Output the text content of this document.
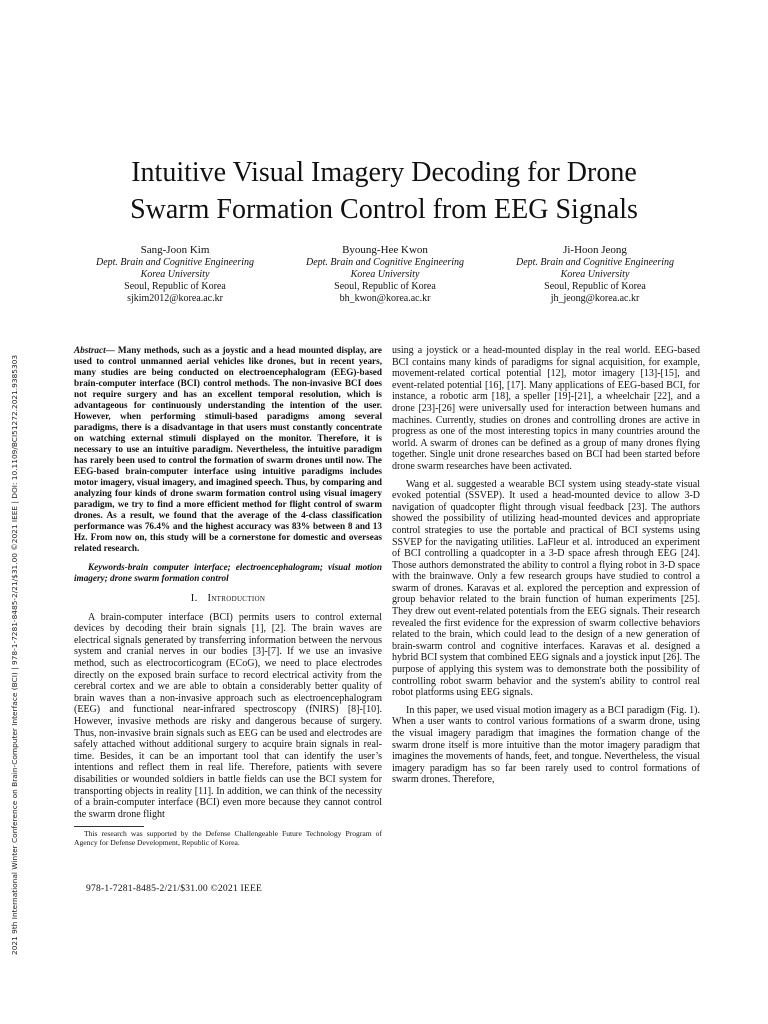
2021 9th International Winter Conference on Brain-Computer Interface (BCI) | 978-1-7281-8485-2/21/$31.00 ©2021 IEEE | DOI: 10.1109/BCI51272.2021.9385303
Intuitive Visual Imagery Decoding for Drone
Swarm Formation Control from EEG Signals
Sang-Joon Kim
Dept. Brain and Cognitive Engineering
Korea University
Seoul, Republic of Korea
sjkim2012@korea.ac.kr
Byoung-Hee Kwon
Dept. Brain and Cognitive Engineering
Korea University
Seoul, Republic of Korea
bh_kwon@korea.ac.kr
Ji-Hoon Jeong
Dept. Brain and Cognitive Engineering
Korea University
Seoul, Republic of Korea
jh_jeong@korea.ac.kr

Abstract— Many methods, such as a joystic and a head mounted display, are used to control unmanned aerial vehicles like drones, but in recent years, many studies are being conducted on electroencephalogram (EEG)-based brain-computer interface (BCI) control methods. The non-invasive BCI does not require surgery and has an excellent temporal resolution, which is advantageous for continuously understanding the intention of the user. However, when performing stimuli-based paradigms among several paradigms, there is a disadvantage in that users must constantly concentrate on watching external stimuli displayed on the monitor. Therefore, it is necessary to use an intuitive paradigm. Nevertheless, the intuitive paradigm has rarely been used to control the formation of swarm drones until now. The EEG-based brain-computer interface using intuitive paradigms includes motor imagery, visual imagery, and imagined speech. Thus, by comparing and analyzing four kinds of drone swarm formation control using visual imagery paradigm, we try to find a more efficient method for flight control of swarm drones. As a result, we found that the average of the 4-class classification performance was 76.4% and the highest accuracy was 83% between 8 and 13 Hz. From now on, this study will be a cornerstone for domestic and overseas related research.

Keywords-brain computer interface; electroencephalogram; visual motion imagery; drone swarm formation control

I. Introduction

A brain-computer interface (BCI) permits users to control external devices by decoding their brain signals [1], [2]. The brain waves are electrical signals generated by transferring information between the nervous system and cranial nerves in our bodies [3]-[7]. If we use an invasive method, such as electrocorticogram (ECoG), we need to place electrodes directly on the exposed brain surface to record electrical activity from the cerebral cortex and we are able to obtain a considerably better quality of brain waves than a non-invasive approach such as electroencephalogram (EEG) and functional near-infrared spectroscopy (fNIRS) [8]-[10]. However, invasive methods are risky and dangerous because of surgery. Thus, non-invasive brain signals such as EEG can be used and electrodes are safely attached without additional surgery to acquire brain signals in real-time. Besides, it can be an important tool that can identify the user’s intentions and reflect them in real life. Therefore, patients with severe disabilities or wounded soldiers in battle fields can use the BCI system for transporting objects in reality [11]. In addition, we can think of the necessity of a brain-computer interface (BCI) even more because they cannot control the swarm drone flight

This research was supported by the Defense Challengeable Future Technology Program of Agency for Defense Development, Republic of Korea.

978-1-7281-8485-2/21/$31.00 ©2021 IEEE

using a joystick or a head-mounted display in the real world. EEG-based BCI contains many kinds of paradigms for signal acquisition, for example, movement-related cortical potential [12], motor imagery [13]-[15], and event-related potential [16], [17]. Many applications of EEG-based BCI, for instance, a robotic arm [18], a speller [19]-[21], a wheelchair [22], and a drone [23]-[26] were universally used for interaction between humans and machines. Currently, studies on drones and controlling drones are active in progress as one of the most interesting topics in many countries around the world. A swarm of drones can be defined as a group of many drones flying together. Single unit drone researches based on BCI had been started before drone swarm researches have been activated.

Wang et al. suggested a wearable BCI system using steady-state visual evoked potential (SSVEP). It used a head-mounted device to allow 3-D navigation of quadcopter flight through visual feedback [23]. The authors showed the possibility of utilizing head-mounted devices and appropriate control strategies to use the portable and practical of BCI systems using SSVEP for the navigating utilities. LaFleur et al. introduced an experiment of BCI controlling a quadcopter in a 3-D space afresh through EEG [24]. Those authors demonstrated the ability to control a flying robot in 3-D space with the brainwave. Only a few research groups have studied to control a swarm of drones. Karavas et al. explored the perception and expression of group behavior related to the brain function of human experiments [25]. They drew out event-related potentials from the EEG signals. Their research revealed the first evidence for the expression of swarm collective behaviors related to the brain, which could lead to the design of a new generation of brain-swarm control and cognitive interfaces. Karavas et al. designed a hybrid BCI system that combined EEG signals and a joystick input [26]. The purpose of applying this system was to demonstrate both the possibility of controlling robot swarm behavior and the system's ability to control real robot platforms using EEG signals.

In this paper, we used visual motion imagery as a BCI paradigm (Fig. 1). When a user wants to control various formations of a swarm drone, using the visual imagery paradigm that imagines the formation change of the swarm drone itself is more intuitive than the motor imagery paradigm that imagines the movements of hands, feet, and tongue. Nevertheless, the visual imagery paradigm has so far been rarely used to control formations of swarm drones. Therefore,
